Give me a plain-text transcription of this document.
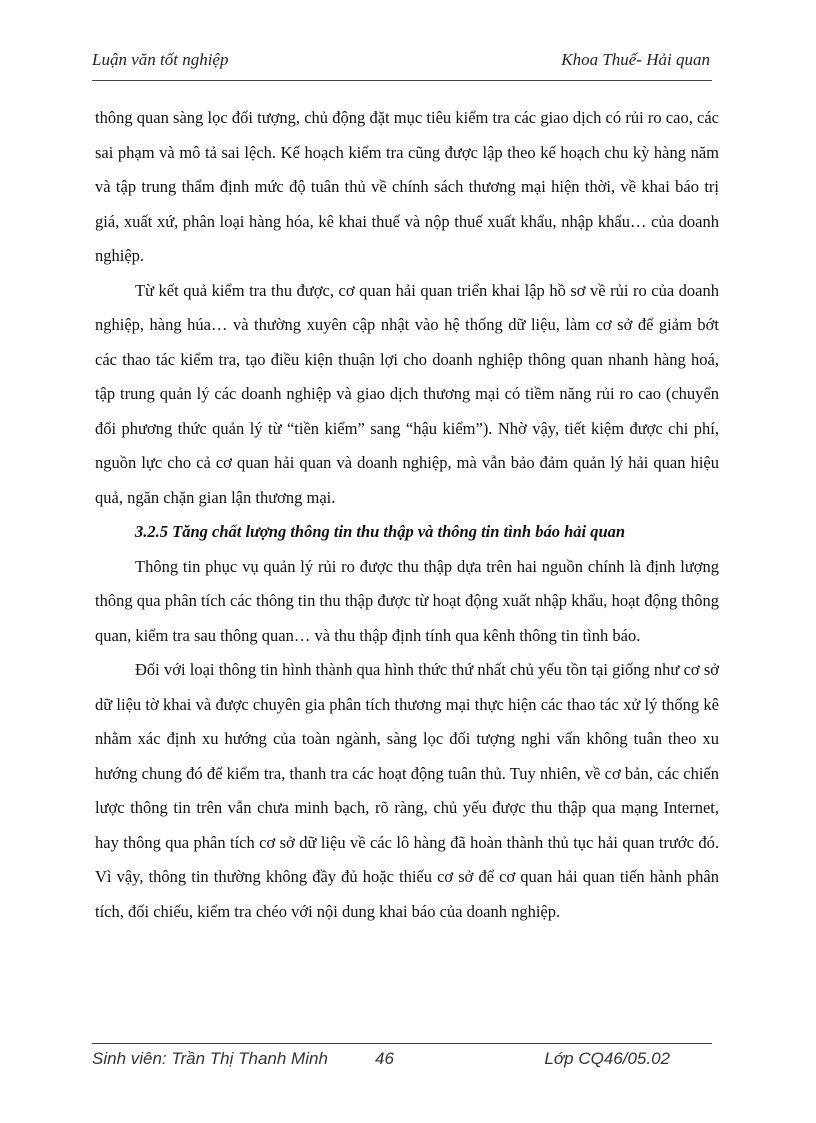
Luận văn tốt nghiệp	Khoa Thuế- Hải quan

thông quan sàng lọc đối tượng, chủ động đặt mục tiêu kiểm tra các giao dịch có rủi ro cao, các sai phạm và mô tả sai lệch. Kế hoạch kiểm tra cũng được lập theo kế hoạch chu kỳ hàng năm và tập trung thẩm định mức độ tuân thủ về chính sách thương mại hiện thời, về khai báo trị giá, xuất xứ, phân loại hàng hóa, kê khai thuế và nộp thuế xuất khẩu, nhập khẩu… của doanh nghiệp.

Từ kết quả kiểm tra thu được, cơ quan hải quan triển khai lập hồ sơ về rủi ro của doanh nghiệp, hàng húa… và thường xuyên cập nhật vào hệ thống dữ liệu, làm cơ sở để giảm bớt các thao tác kiểm tra, tạo điều kiện thuận lợi cho doanh nghiệp thông quan nhanh hàng hoá, tập trung quản lý các doanh nghiệp và giao dịch thương mại có tiềm năng rủi ro cao (chuyển đổi phương thức quản lý từ “tiền kiểm” sang “hậu kiểm”). Nhờ vậy, tiết kiệm được chi phí, nguồn lực cho cả cơ quan hải quan và doanh nghiệp, mà vẫn bảo đảm quản lý hải quan hiệu quả, ngăn chặn gian lận thương mại.

3.2.5 Tăng chất lượng thông tin thu thập và thông tin tình báo hải quan

Thông tin phục vụ quản lý rủi ro được thu thập dựa trên hai nguồn chính là định lượng thông qua phân tích các thông tin thu thập được từ hoạt động xuất nhập khẩu, hoạt động thông quan, kiểm tra sau thông quan… và thu thập định tính qua kênh thông tin tình báo.

Đối với loại thông tin hình thành qua hình thức thứ nhất chủ yếu tồn tại giống như cơ sở dữ liệu tờ khai và được chuyên gia phân tích thương mại thực hiện các thao tác xử lý thống kê nhằm xác định xu hướng của toàn ngành, sàng lọc đối tượng nghi vấn không tuân theo xu hướng chung đó để kiểm tra, thanh tra các hoạt động tuân thủ. Tuy nhiên, về cơ bản, các chiến lược thông tin trên vẫn chưa minh bạch, rõ ràng, chủ yếu được thu thập qua mạng Internet, hay thông qua phân tích cơ sở dữ liệu về các lô hàng đã hoàn thành thủ tục hải quan trước đó. Vì vậy, thông tin thường không đầy đủ hoặc thiếu cơ sở để cơ quan hải quan tiến hành phân tích, đối chiếu, kiểm tra chéo với nội dung khai báo của doanh nghiệp.

Sinh viên: Trần Thị Thanh Minh	46	Lớp CQ46/05.02
